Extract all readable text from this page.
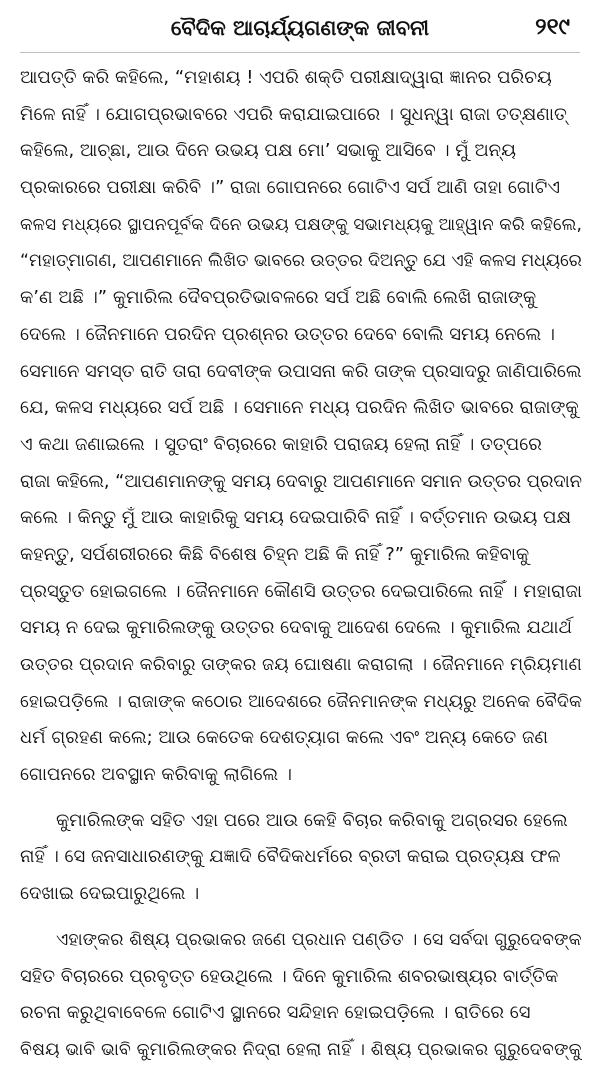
ବୈଦିକ ଆଚାର୍ଯ୍ୟଗଣଙ୍କ ଜୀବନୀ	୨୧୯
ଆପତ୍ତି କରି କହିଲେ, “ମହାଶୟ ! ଏପରି ଶକ୍ତି ପରୀକ୍ଷାଦ୍ୱାରା ଜ୍ଞାନର ପରିଚୟ
ମିଳେ ନାହିଁ । ଯୋଗପ୍ରଭାବରେ ଏପରି କରାଯାଇପାରେ । ସୁଧନ୍ୱା ରାଜା ତତ୍‌କ୍ଷଣାତ୍
କହିଲେ, ଆଚ୍ଛା, ଆଉ ଦିନେ ଉଭୟ ପକ୍ଷ ମୋ’ ସଭାକୁ ଆସିବେ । ମୁଁ ଅନ୍ୟ
ପ୍ରକାରରେ ପରୀକ୍ଷା କରିବି ।” ରାଜା ଗୋପନରେ ଗୋଟିଏ ସର୍ପ ଆଣି ତାହା ଗୋଟିଏ
କଳସ ମଧ୍ୟରେ ସ୍ଥାପନପୂର୍ବକ ଦିନେ ଉଭୟ ପକ୍ଷଙ୍କୁ ସଭାମଧ୍ୟକୁ ଆହ୍ୱାନ କରି କହିଲେ,
“ମହାତ୍ମାଗଣ, ଆପଣମାନେ ଲିଖିତ ଭାବରେ ଉତ୍ତର ଦିଅନ୍ତୁ ଯେ ଏହି କଳସ ମଧ୍ୟରେ
କ’ଣ ଅଛି ।” କୁମାରିଲ ଦୈବପ୍ରତିଭାବଳରେ ସର୍ପ ଅଛି ବୋଲି ଲେଖି ରାଜାଙ୍କୁ
ଦେଲେ । ଜୈନମାନେ ପରଦିନ ପ୍ରଶ୍ନର ଉତ୍ତର ଦେବେ ବୋଲି ସମୟ ନେଲେ ।
ସେମାନେ ସମସ୍ତ ରାତି ତାରା ଦେବୀଙ୍କ ଉପାସନା କରି ତାଙ୍କ ପ୍ରସାଦରୁ ଜାଣିପାରିଲେ
ଯେ, କଳସ ମଧ୍ୟରେ ସର୍ପ ଅଛି । ସେମାନେ ମଧ୍ୟ ପରଦିନ ଲିଖିତ ଭାବରେ ରାଜାଙ୍କୁ
ଏ କଥା ଜଣାଇଲେ । ସୁତରାଂ ବିଚାରରେ କାହାରି ପରାଜୟ ହେଲା ନାହିଁ । ତତ୍ପରେ
ରାଜା କହିଲେ, “ଆପଣମାନଙ୍କୁ ସମୟ ଦେବାରୁ ଆପଣମାନେ ସମାନ ଉତ୍ତର ପ୍ରଦାନ
କଲେ । କିନ୍ତୁ ମୁଁ ଆଉ କାହାରିକୁ ସମୟ ଦେଇପାରିବି ନାହିଁ । ବର୍ତ୍ତମାନ ଉଭୟ ପକ୍ଷ
କହନ୍ତୁ, ସର୍ପଶରୀରରେ କିଛି ବିଶେଷ ଚିହ୍ନ ଅଛି କି ନାହିଁ ?” କୁମାରିଲ କହିବାକୁ
ପ୍ରସ୍ତୁତ ହୋଇଗଲେ । ଜୈନମାନେ କୌଣସି ଉତ୍ତର ଦେଇପାରିଲେ ନାହିଁ । ମହାରାଜା
ସମୟ ନ ଦେଇ କୁମାରିଲଙ୍କୁ ଉତ୍ତର ଦେବାକୁ ଆଦେଶ ଦେଲେ । କୁମାରିଲ ଯଥାର୍ଥ
ଉତ୍ତର ପ୍ରଦାନ କରିବାରୁ ତାଙ୍କର ଜୟ ଘୋଷଣା କରାଗଲା । ଜୈନମାନେ ମ୍ରିୟମାଣ
ହୋଇପଡ଼ିଲେ । ରାଜାଙ୍କ କଠୋର ଆଦେଶରେ ଜୈନମାନଙ୍କ ମଧ୍ୟରୁ ଅନେକ ବୈଦିକ
ଧର୍ମ ଗ୍ରହଣ କଲେ; ଆଉ କେତେକ ଦେଶତ୍ୟାଗ କଲେ ଏବଂ ଅନ୍ୟ କେତେ ଜଣ
ଗୋପନରେ ଅବସ୍ଥାନ କରିବାକୁ ଲାଗିଲେ ।
କୁମାରିଲଙ୍କ ସହିତ ଏହା ପରେ ଆଉ କେହି ବିଚାର କରିବାକୁ ଅଗ୍ରସର ହେଲେ
ନାହିଁ । ସେ ଜନସାଧାରଣଙ୍କୁ ଯଜ୍ଞାଦି ବୈଦିକଧର୍ମରେ ବ୍ରତୀ କରାଇ ପ୍ରତ୍ୟକ୍ଷ ଫଳ
ଦେଖାଇ ଦେଇପାରୁଥିଲେ ।
ଏହାଙ୍କର ଶିଷ୍ୟ ପ୍ରଭାକର ଜଣେ ପ୍ରଧାନ ପଣ୍ଡିତ । ସେ ସର୍ବଦା ଗୁରୁଦେବଙ୍କ
ସହିତ ବିଚାରରେ ପ୍ରବୃତ୍ତ ହେଉଥିଲେ । ଦିନେ କୁମାରିଲ ଶବରଭାଷ୍ୟର ବାର୍ତ୍ତିକ
ରଚନା କରୁଥିବାବେଳେ ଗୋଟିଏ ସ୍ଥାନରେ ସନ୍ଦିହାନ ହୋଇପଡ଼ିଲେ । ରାତିରେ ସେ
ବିଷୟ ଭାବି ଭାବି କୁମାରିଲଙ୍କର ନିଦ୍ରା ହେଲା ନାହିଁ । ଶିଷ୍ୟ ପ୍ରଭାକର ଗୁରୁଦେବଙ୍କୁ
